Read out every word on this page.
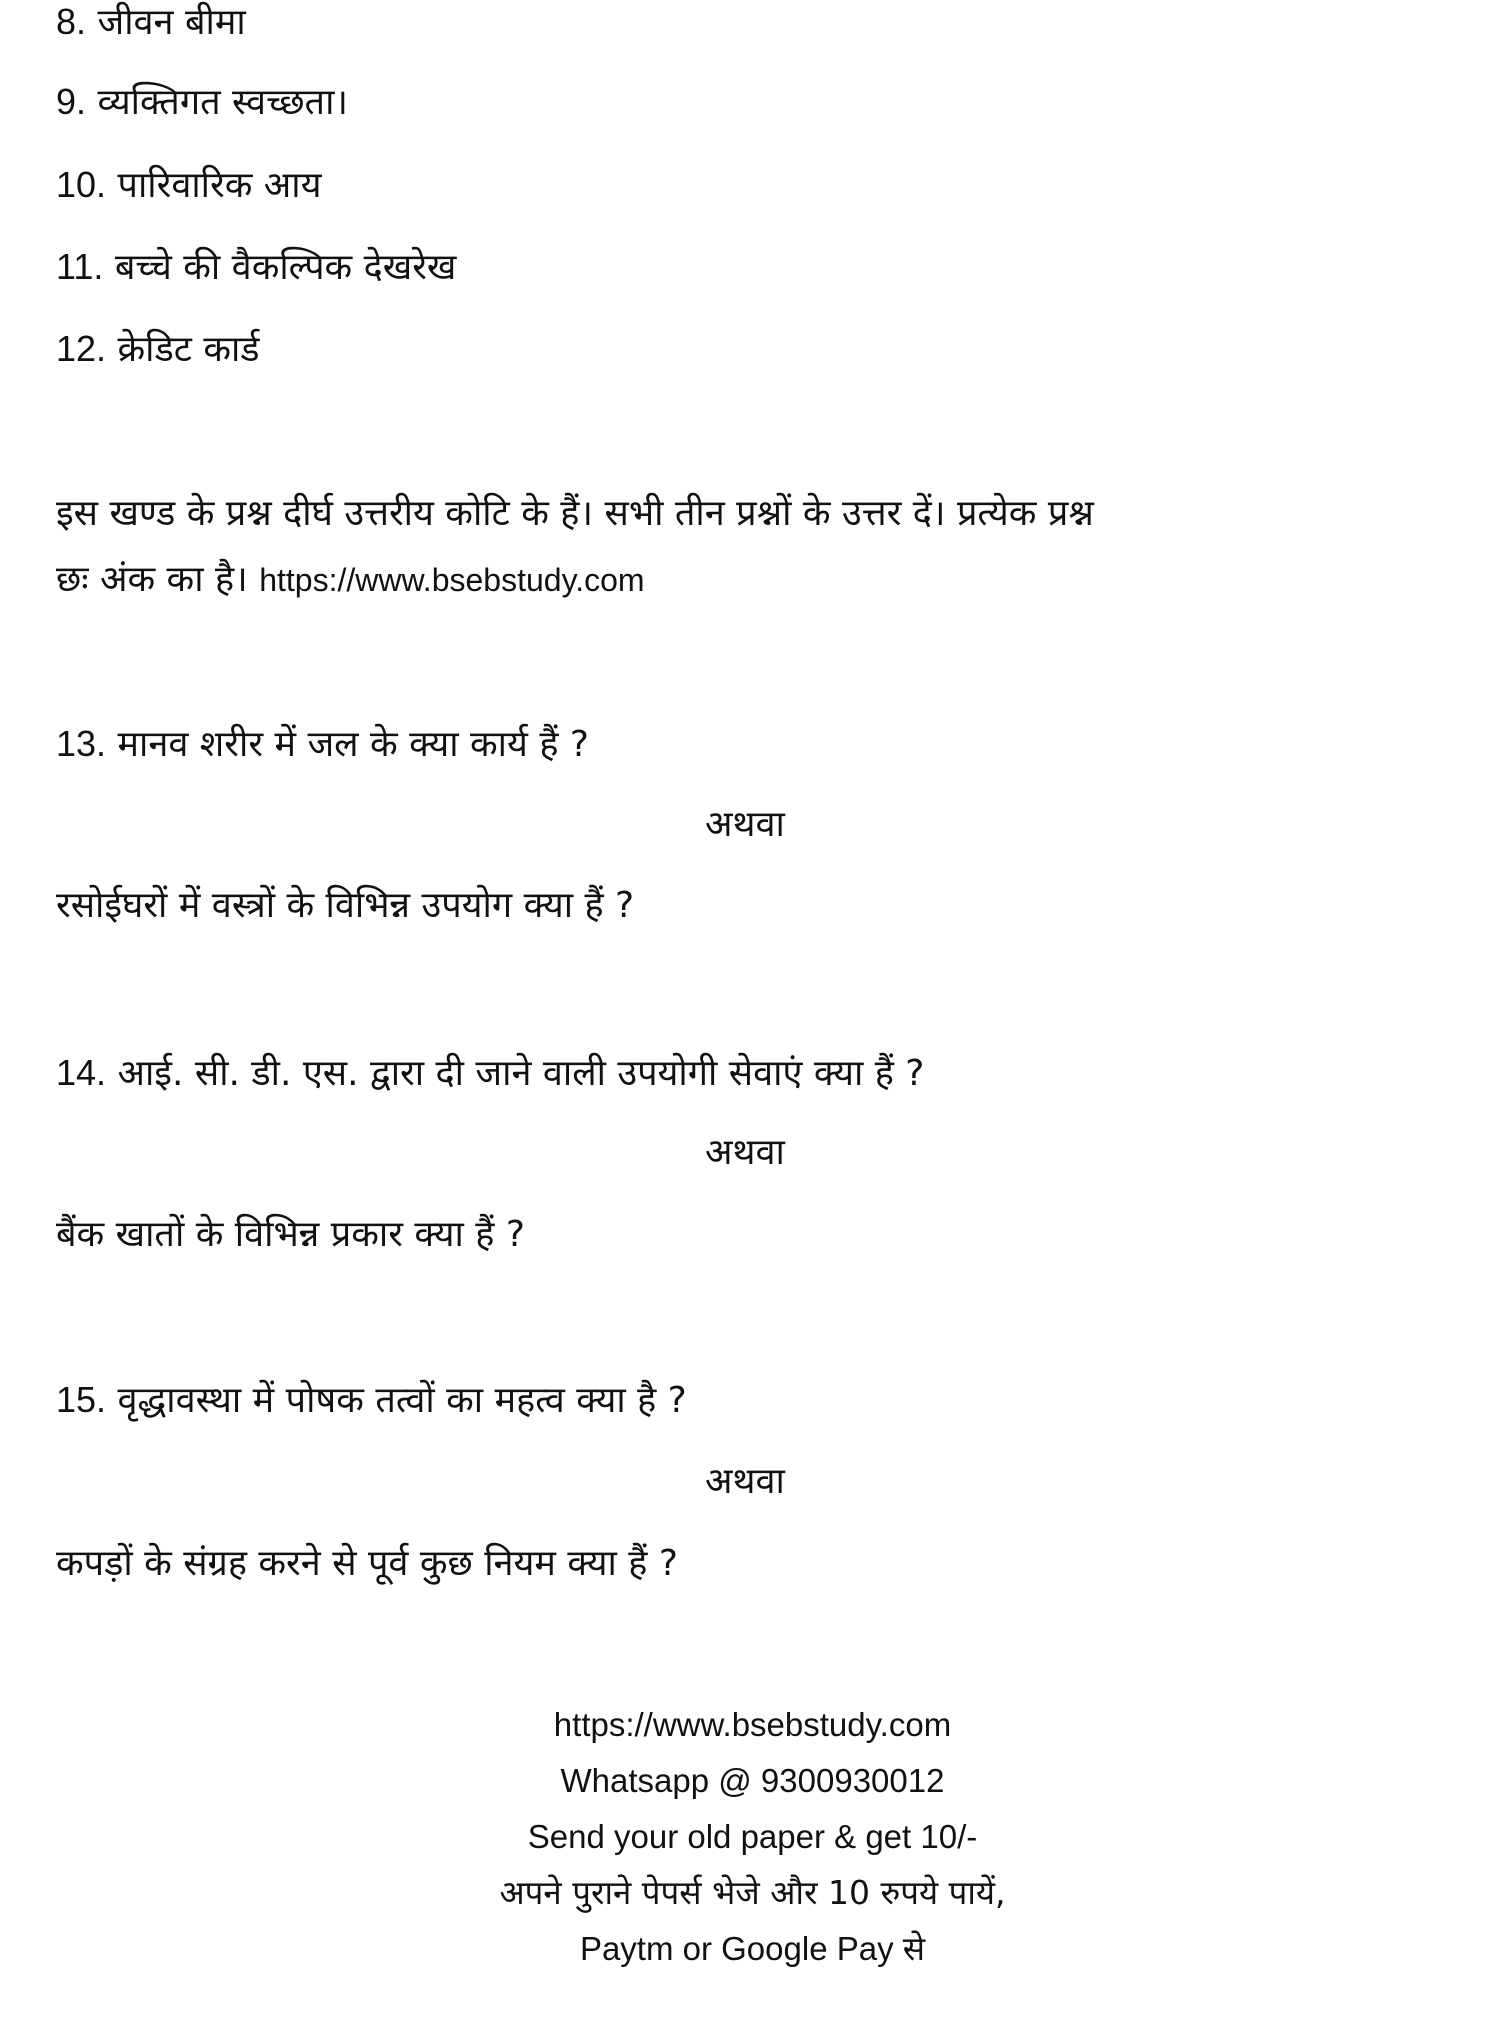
8. जीवन बीमा
9. व्यक्तिगत स्वच्छता।
10. पारिवारिक आय
11. बच्चे की वैकल्पिक देखरेख
12. क्रेडिट कार्ड
इस खण्ड के प्रश्न दीर्घ उत्तरीय कोटि के हैं। सभी तीन प्रश्नों के उत्तर दें। प्रत्येक प्रश्न
छः अंक का है। https://www.bsebstudy.com
13. मानव शरीर में जल के क्या कार्य हैं ?
अथवा
रसोईघरों में वस्त्रों के विभिन्न उपयोग क्या हैं ?
14. आई. सी. डी. एस. द्वारा दी जाने वाली उपयोगी सेवाएं क्या हैं ?
अथवा
बैंक खातों के विभिन्न प्रकार क्या हैं ?
15. वृद्धावस्था में पोषक तत्वों का महत्व क्या है ?
अथवा
कपड़ों के संग्रह करने से पूर्व कुछ नियम क्या हैं ?
https://www.bsebstudy.com
Whatsapp @ 9300930012
Send your old paper & get 10/-
अपने पुराने पेपर्स भेजे और 10 रुपये पायें,
Paytm or Google Pay से
